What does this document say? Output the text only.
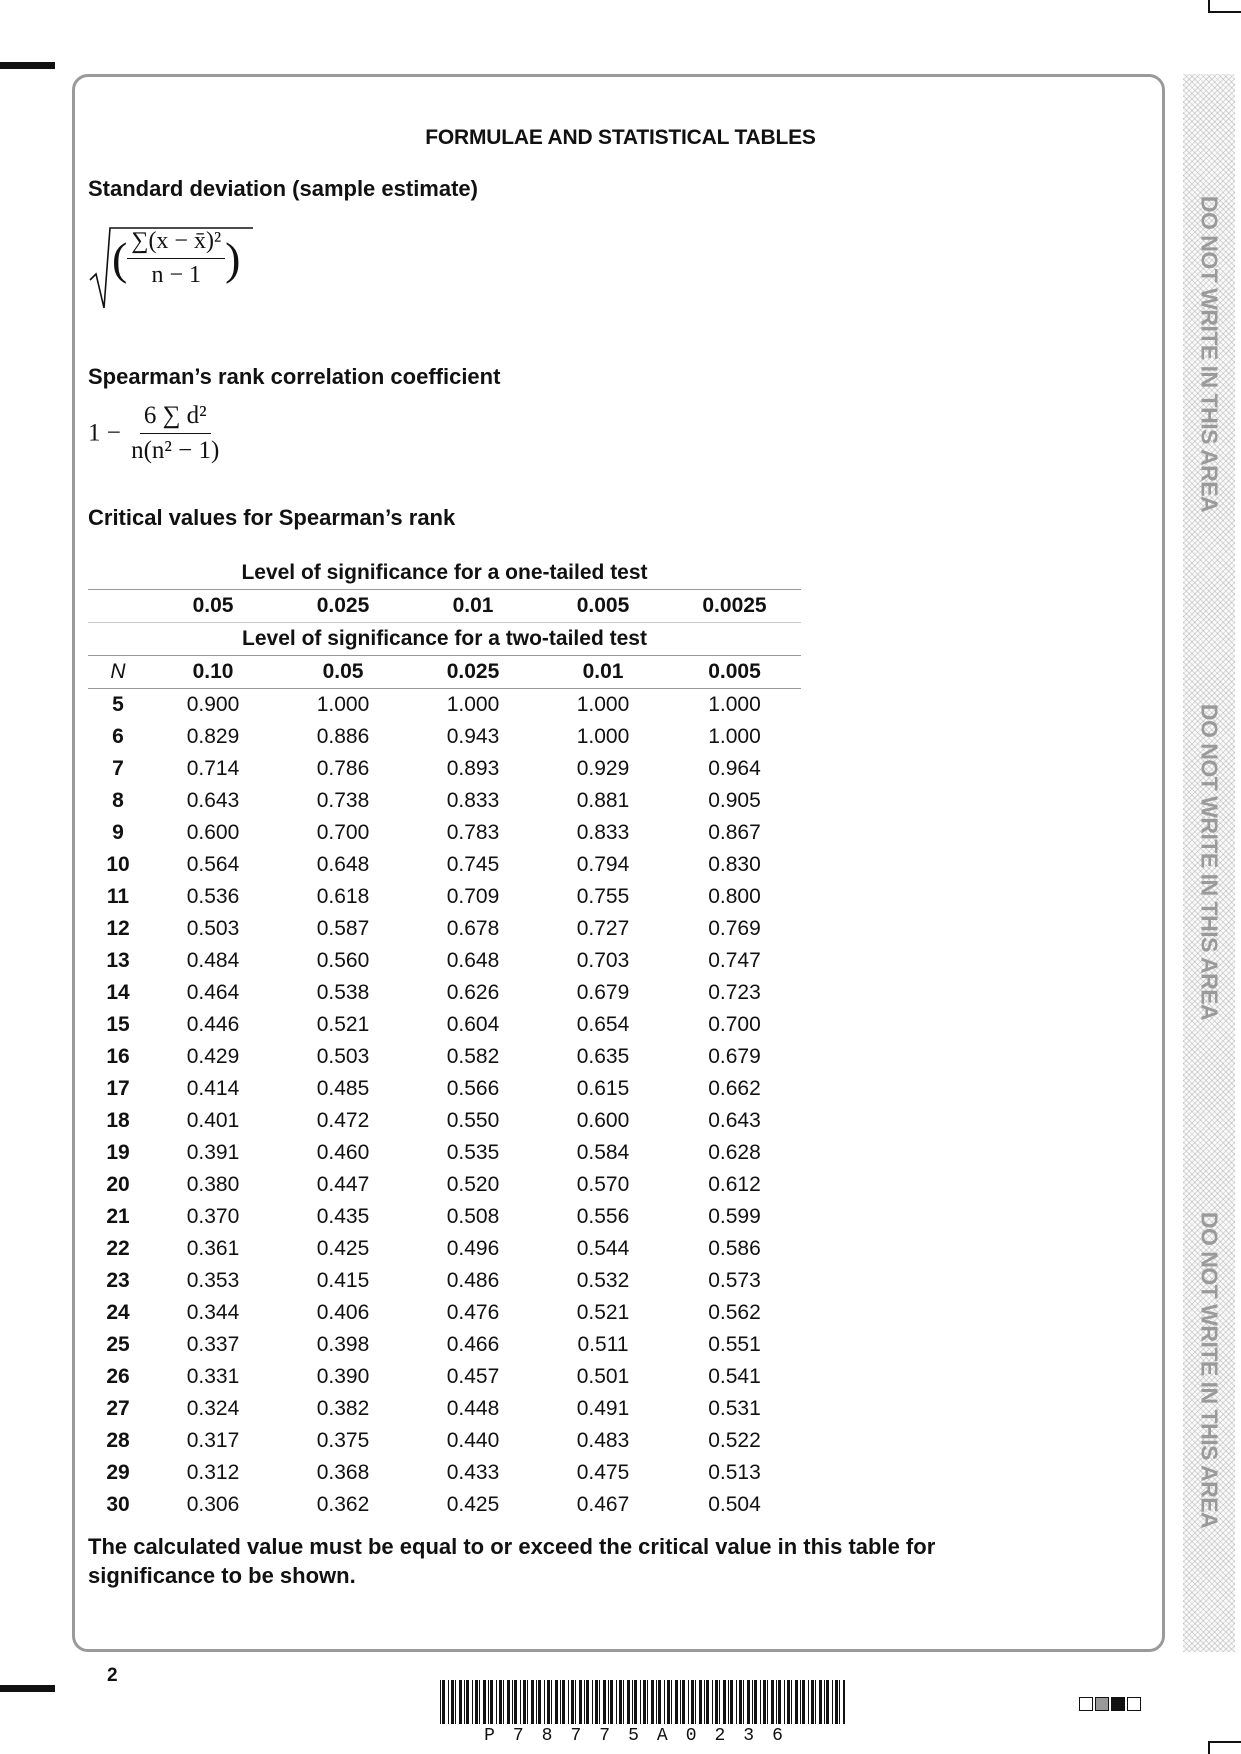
DO NOT WRITE IN THIS AREA
DO NOT WRITE IN THIS AREA
DO NOT WRITE IN THIS AREA
FORMULAE AND STATISTICAL TABLES
Standard deviation (sample estimate)
( $\frac{\text{∑(x − x̄)²}}{n - 1}$ )
Spearman’s rank correlation coefficient
$1 - \frac{\text{6 ∑ d²}}{\text{n(n² − 1)}}$
Critical values for Spearman’s rank
Level of significance for a one-tailed test					
	0.05	0.025	0.01	0.005	0.0025
Level of significance for a two-tailed test					
N	0.10	0.05	0.025	0.01	0.005
5	0.900	1.000	1.000	1.000	1.000
6	0.829	0.886	0.943	1.000	1.000
7	0.714	0.786	0.893	0.929	0.964
8	0.643	0.738	0.833	0.881	0.905
9	0.600	0.700	0.783	0.833	0.867
10	0.564	0.648	0.745	0.794	0.830
11	0.536	0.618	0.709	0.755	0.800
12	0.503	0.587	0.678	0.727	0.769
13	0.484	0.560	0.648	0.703	0.747
14	0.464	0.538	0.626	0.679	0.723
15	0.446	0.521	0.604	0.654	0.700
16	0.429	0.503	0.582	0.635	0.679
17	0.414	0.485	0.566	0.615	0.662
18	0.401	0.472	0.550	0.600	0.643
19	0.391	0.460	0.535	0.584	0.628
20	0.380	0.447	0.520	0.570	0.612
21	0.370	0.435	0.508	0.556	0.599
22	0.361	0.425	0.496	0.544	0.586
23	0.353	0.415	0.486	0.532	0.573
24	0.344	0.406	0.476	0.521	0.562
25	0.337	0.398	0.466	0.511	0.551
26	0.331	0.390	0.457	0.501	0.541
27	0.324	0.382	0.448	0.491	0.531
28	0.317	0.375	0.440	0.483	0.522
29	0.312	0.368	0.433	0.475	0.513
30	0.306	0.362	0.425	0.467	0.504
The calculated value must be equal to or exceed the critical value in this table for significance to be shown.
2
P78775A0236
